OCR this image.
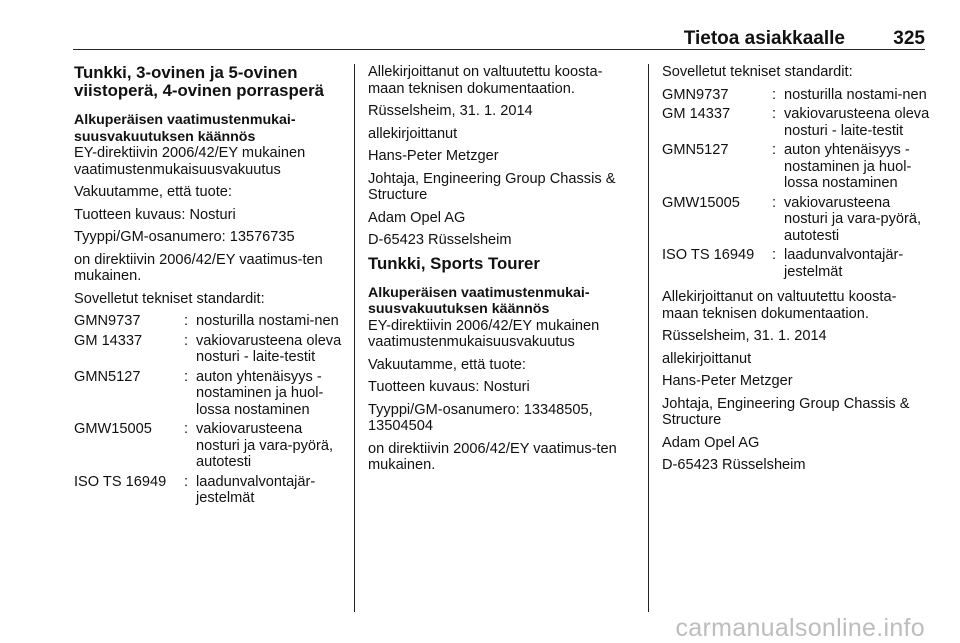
Tietoa asiakkaalle	325
Tunkki, 3-ovinen ja 5-ovinen
viistoperä, 4-ovinen porrasperä
Alkuperäisen vaatimustenmukai-suusvakuutuksen käännös

EY-direktiivin 2006/42/EY mukainen vaatimustenmukaisuusvakuutus

Vakuutamme, että tuote:

Tuotteen kuvaus: Nosturi

Tyyppi/GM-osanumero: 13576735

on direktiivin 2006/42/EY vaatimus-ten mukainen.

Sovelletut tekniset standardit:

GMN9737	: nosturilla nostami-nen
GM 14337	: vakiovarusteena oleva nosturi - laite-testit
GMN5127	: auton yhtenäisyys - nostaminen ja huol-lossa nostaminen
GMW15005	: vakiovarusteena nosturi ja vara-pyörä, autotesti
ISO TS 16949	: laadunvalvontajär-jestelmät

Allekirjoittanut on valtuutettu koosta-maan teknisen dokumentaation.

Rüsselsheim, 31. 1. 2014

allekirjoittanut

Hans-Peter Metzger

Johtaja, Engineering Group Chassis & Structure

Adam Opel AG

D-65423 Rüsselsheim

Tunkki, Sports Tourer
Alkuperäisen vaatimustenmukai-suusvakuutuksen käännös

EY-direktiivin 2006/42/EY mukainen vaatimustenmukaisuusvakuutus

Vakuutamme, että tuote:

Tuotteen kuvaus: Nosturi

Tyyppi/GM-osanumero: 13348505, 13504504

on direktiivin 2006/42/EY vaatimus-ten mukainen.

Sovelletut tekniset standardit:

GMN9737	: nosturilla nostami-nen
GM 14337	: vakiovarusteena oleva nosturi - laite-testit
GMN5127	: auton yhtenäisyys - nostaminen ja huol-lossa nostaminen
GMW15005	: vakiovarusteena nosturi ja vara-pyörä, autotesti
ISO TS 16949	: laadunvalvontajär-jestelmät

Allekirjoittanut on valtuutettu koosta-maan teknisen dokumentaation.

Rüsselsheim, 31. 1. 2014

allekirjoittanut

Hans-Peter Metzger

Johtaja, Engineering Group Chassis & Structure

Adam Opel AG

D-65423 Rüsselsheim

carmanualsonline.info
